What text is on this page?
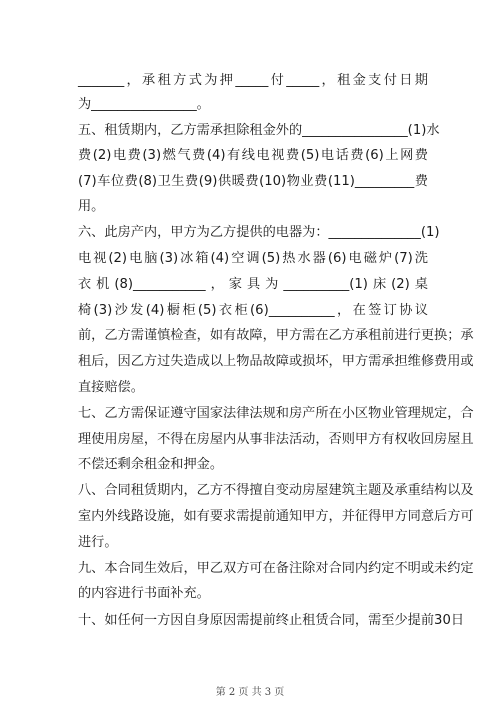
_______，承租方式为押_____付_____，租金支付日期
为________________。
五、租赁期内，乙方需承担除租金外的________________(1)水
费(2)电费(3)燃气费(4)有线电视费(5)电话费(6)上网费
(7)车位费(8)卫生费(9)供暖费(10)物业费(11)_________费
用。
六、此房产内，甲方为乙方提供的电器为：______________(1)
电视(2)电脑(3)冰箱(4)空调(5)热水器(6)电磁炉(7)洗
衣机(8)___________，家具为__________(1)床(2)桌
椅(3)沙发(4)橱柜(5)衣柜(6)__________，在签订协议
前，乙方需谨慎检查，如有故障，甲方需在乙方承租前进行更换；承
租后，因乙方过失造成以上物品故障或损坏，甲方需承担维修费用或
直接赔偿。
七、乙方需保证遵守国家法律法规和房产所在小区物业管理规定，合
理使用房屋，不得在房屋内从事非法活动，否则甲方有权收回房屋且
不偿还剩余租金和押金。
八、合同租赁期内，乙方不得擅自变动房屋建筑主题及承重结构以及
室内外线路设施，如有要求需提前通知甲方，并征得甲方同意后方可
进行。
九、本合同生效后，甲乙双方可在备注除对合同内约定不明或未约定
的内容进行书面补充。
十、如任何一方因自身原因需提前终止租赁合同，需至少提前30日
第 2 页 共 3 页
